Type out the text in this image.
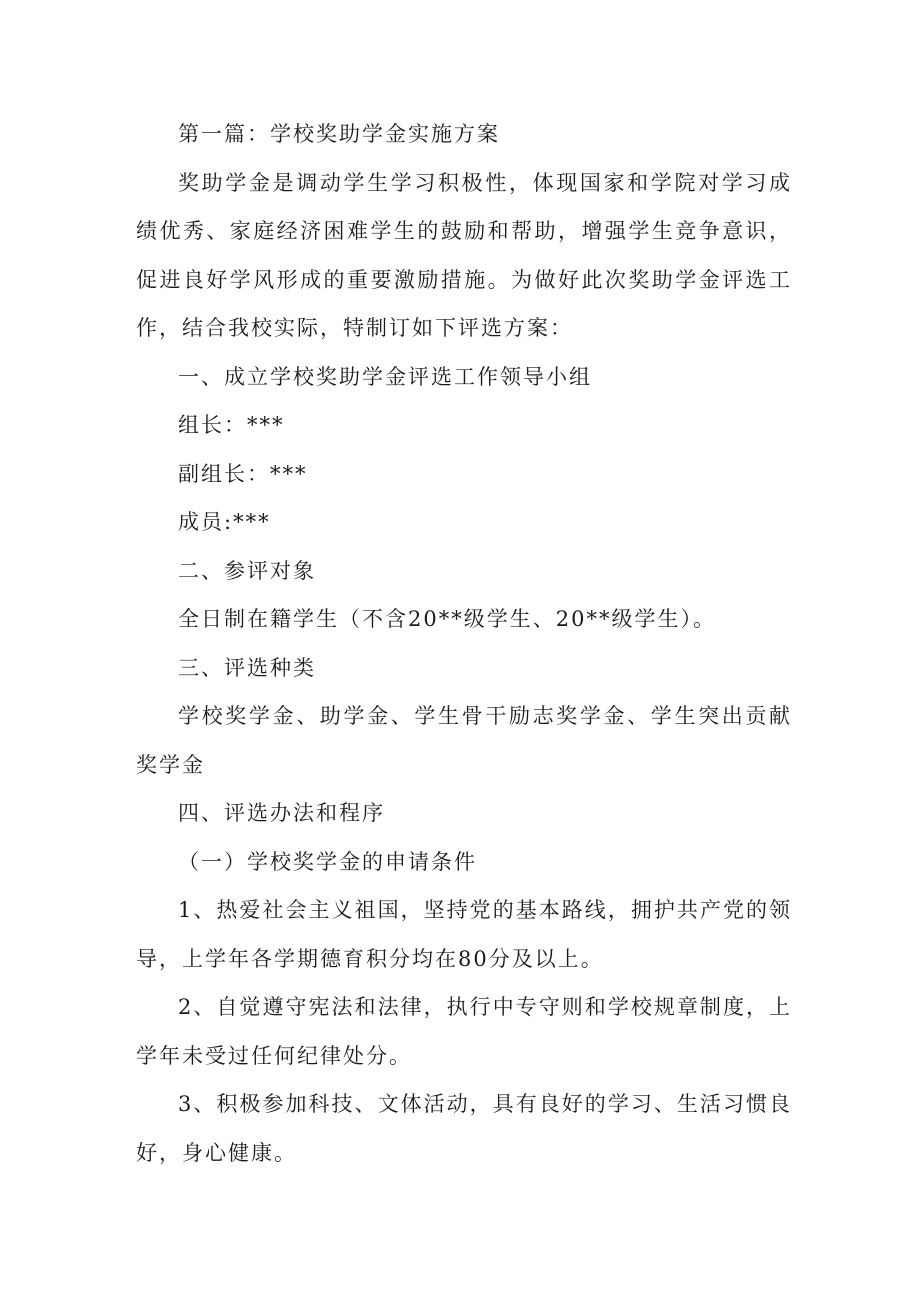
第一篇：学校奖助学金实施方案

奖助学金是调动学生学习积极性，体现国家和学院对学习成绩优秀、家庭经济困难学生的鼓励和帮助，增强学生竞争意识，促进良好学风形成的重要激励措施。为做好此次奖助学金评选工作，结合我校实际，特制订如下评选方案：

一、成立学校奖助学金评选工作领导小组

组长：***

副组长：***

成员:***

二、参评对象

全日制在籍学生（不含20**级学生、20**级学生）。

三、评选种类

学校奖学金、助学金、学生骨干励志奖学金、学生突出贡献奖学金

四、评选办法和程序

（一）学校奖学金的申请条件

1、热爱社会主义祖国，坚持党的基本路线，拥护共产党的领导，上学年各学期德育积分均在80分及以上。

2、自觉遵守宪法和法律，执行中专守则和学校规章制度，上学年未受过任何纪律处分。

3、积极参加科技、文体活动，具有良好的学习、生活习惯良好，身心健康。
